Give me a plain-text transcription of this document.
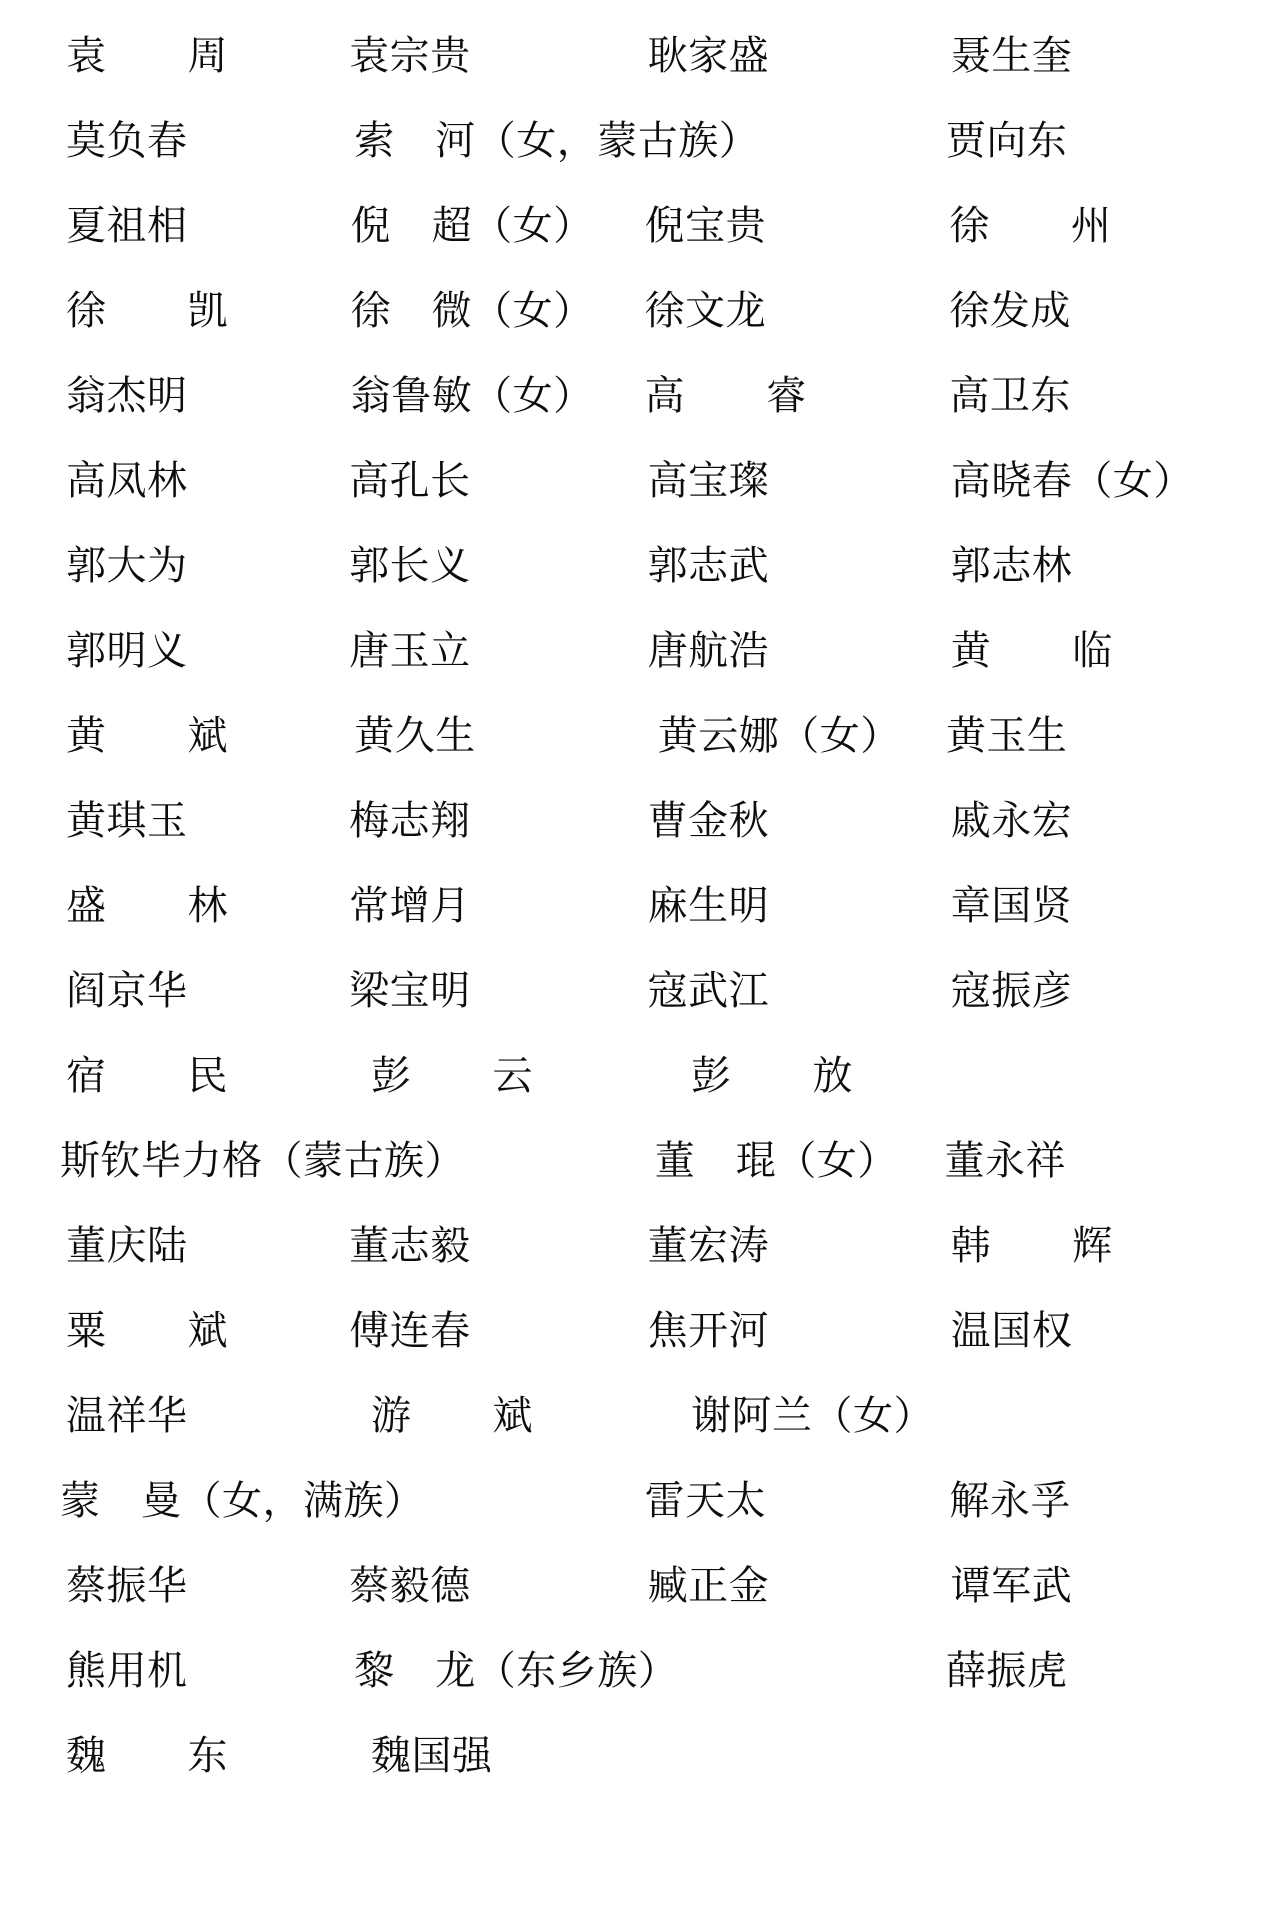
袁　　周	袁宗贵	耿家盛	聂生奎
莫负春	索　河（女，蒙古族）	贾向东
夏祖相	倪　超（女）	倪宝贵	徐　　州
徐　　凯	徐　微（女）	徐文龙	徐发成
翁杰明	翁鲁敏（女）	高　　睿	高卫东
高凤林	高孔长	高宝璨	高晓春（女）
郭大为	郭长义	郭志武	郭志林
郭明义	唐玉立	唐航浩	黄　　临
黄　　斌	黄久生	黄云娜（女）	黄玉生
黄琪玉	梅志翔	曹金秋	戚永宏
盛　　林	常增月	麻生明	章国贤
阎京华	梁宝明	寇武江	寇振彦
宿　　民	彭　　云	彭　　放
斯钦毕力格（蒙古族）	董　琨（女）	董永祥
董庆陆	董志毅	董宏涛	韩　　辉
粟　　斌	傅连春	焦开河	温国权
温祥华	游　　斌	谢阿兰（女）
蒙　曼（女，满族）	雷天太	解永孚
蔡振华	蔡毅德	臧正金	谭军武
熊用机	黎　龙（东乡族）	薛振虎
魏　　东	魏国强
